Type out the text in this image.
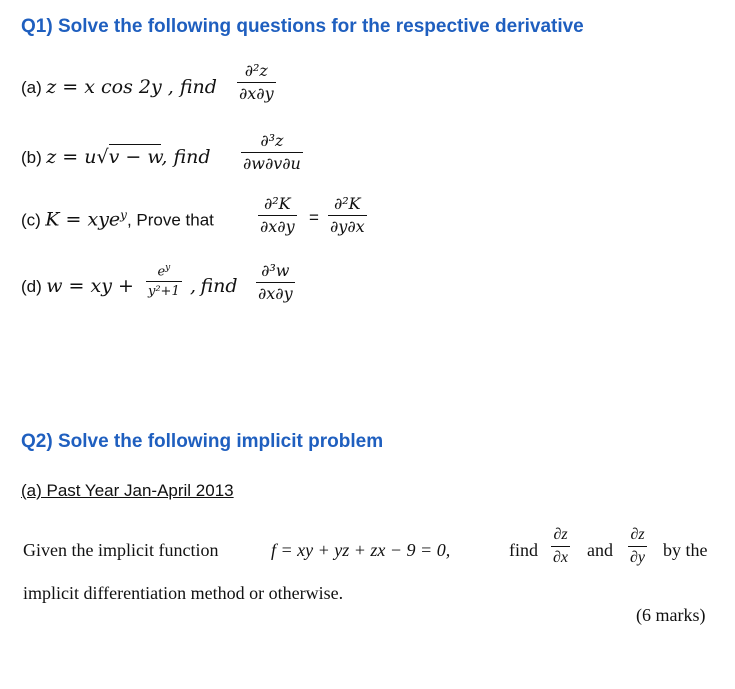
Q1) Solve the following questions for the respective derivative
(a) z = x cos 2y , find $\frac{\text{∂²z}}{\partial x\partial y}$
(b) z = u√v − w, find $\frac{\text{∂³z}}{\partial w\partial v\partial u}$
(c) K = xye$^y$, Prove that	$\frac{\text{∂²K}}{\partial x\partial y} = \frac{\text{∂²K}}{\partial y\partial x}$
(d) w = xy + $\frac{e^y}{\text{y²+1}}$ , find $\frac{\text{∂³w}}{\partial x\partial y}$
Q2) Solve the following implicit problem
(a) Past Year Jan-April 2013
Given the implicit function	f = xy + yz + zx − 9 = 0,	find $\frac{\partial z}{\partial x}$ and $\frac{\partial z}{\partial y}$ by the
implicit differentiation method or otherwise.
(6 marks)
